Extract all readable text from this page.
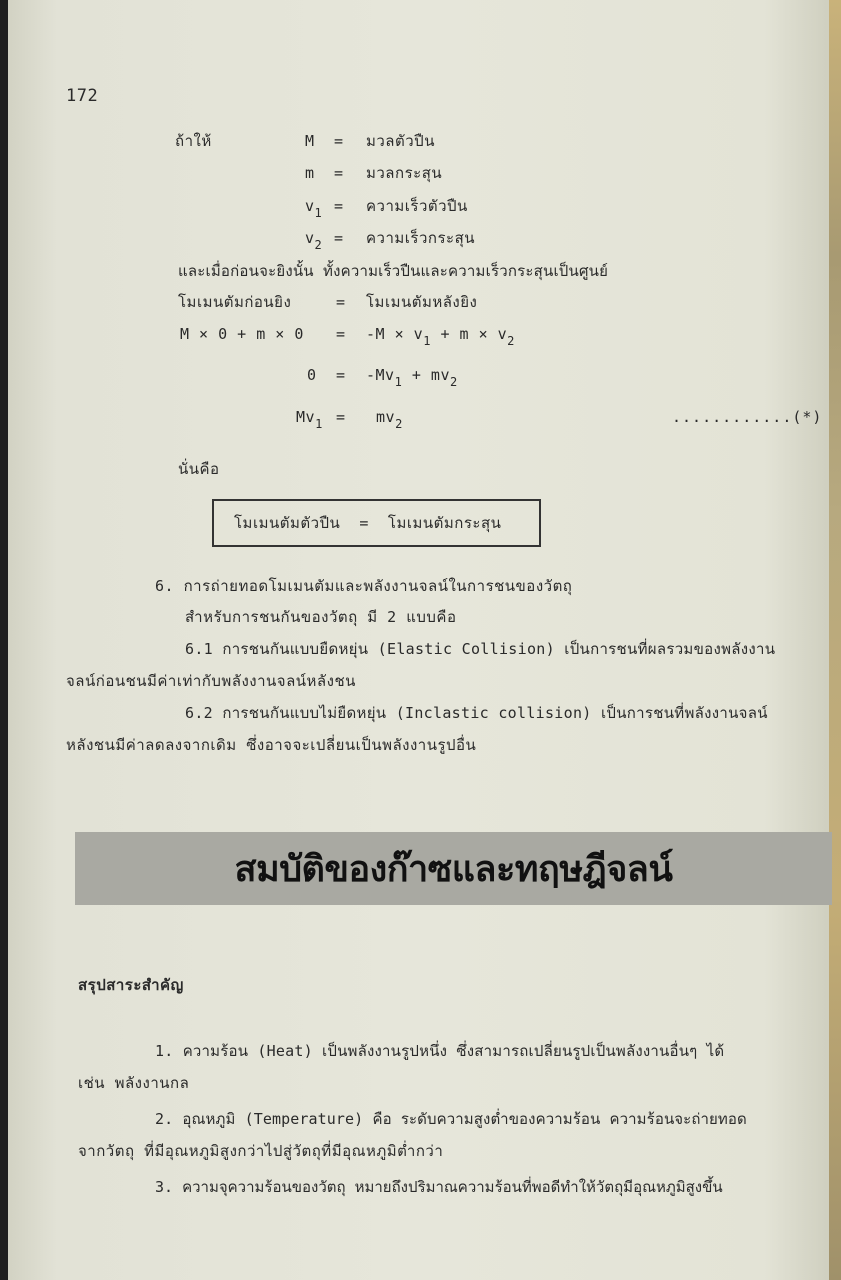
172
ถ้าให้	M = มวลตัวปืน
m = มวลกระสุน
$v_1$ = ความเร็วตัวปืน
$v_2$ = ความเร็วกระสุน
และเมื่อก่อนจะยิงนั้น ทั้งความเร็วปืนและความเร็วกระสุนเป็นศูนย์
โมเมนตัมก่อนยิง	= โมเมนตัมหลังยิง
$M \times 0 + m \times 0 = -M \times v_1 + m \times v_2$
$0 = -Mv_1 + mv_2$
$Mv_1 = mv_2$	............(*)
นั่นคือ
โมเมนตัมตัวปืน  =  โมเมนตัมกระสุน
6. การถ่ายทอดโมเมนตัมและพลังงานจลน์ในการชนของวัตถุ
สำหรับการชนกันของวัตถุ มี 2 แบบคือ
6.1 การชนกันแบบยืดหยุ่น (Elastic Collision) เป็นการชนที่ผลรวมของพลังงาน
จลน์ก่อนชนมีค่าเท่ากับพลังงานจลน์หลังชน
6.2 การชนกันแบบไม่ยืดหยุ่น (Inclastic collision) เป็นการชนที่พลังงานจลน์
หลังชนมีค่าลดลงจากเดิม ซึ่งอาจจะเปลี่ยนเป็นพลังงานรูปอื่น
สมบัติของก๊าซและทฤษฎีจลน์
สรุปสาระสำคัญ
1. ความร้อน (Heat) เป็นพลังงานรูปหนึ่ง ซึ่งสามารถเปลี่ยนรูปเป็นพลังงานอื่นๆ ได้
เช่น พลังงานกล
2. อุณหภูมิ (Temperature) คือ ระดับความสูงต่ำของความร้อน ความร้อนจะถ่ายทอด
จากวัตถุ ที่มีอุณหภูมิสูงกว่าไปสู่วัตถุที่มีอุณหภูมิต่ำกว่า
3. ความจุความร้อนของวัตถุ หมายถึงปริมาณความร้อนที่พอดีทำให้วัตถุมีอุณหภูมิสูงขึ้น
